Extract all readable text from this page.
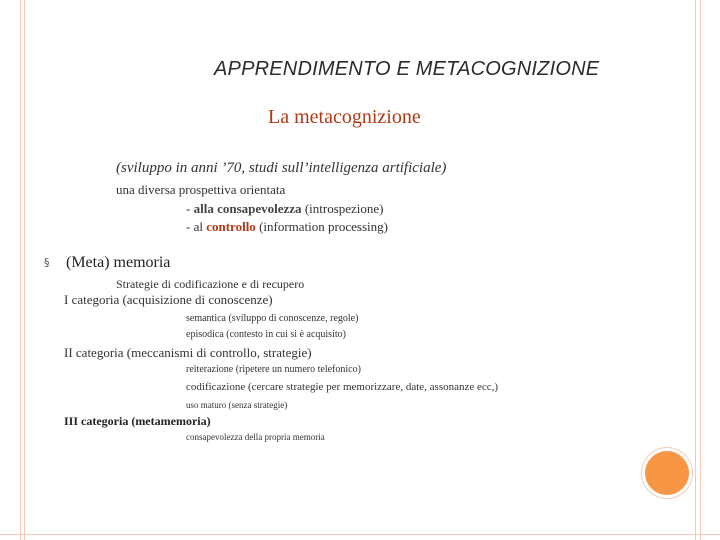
APPRENDIMENTO E METACOGNIZIONE
La metacognizione
(sviluppo in anni ’70, studi sull’intelligenza artificiale)
una diversa prospettiva orientata
- alla consapevolezza (introspezione)
- al controllo (information processing)
§ (Meta) memoria
Strategie di codificazione e di recupero
I categoria (acquisizione di conoscenze)
semantica (sviluppo di conoscenze, regole)
episodica (contesto in cui si è acquisito)
II categoria (meccanismi di controllo, strategie)
reiterazione (ripetere un numero telefonico)
codificazione (cercare strategie per memorizzare, date, assonanze ecc,)
uso maturo (senza strategie)
III categoria (metamemoria)
consapevolezza della propria memoria
